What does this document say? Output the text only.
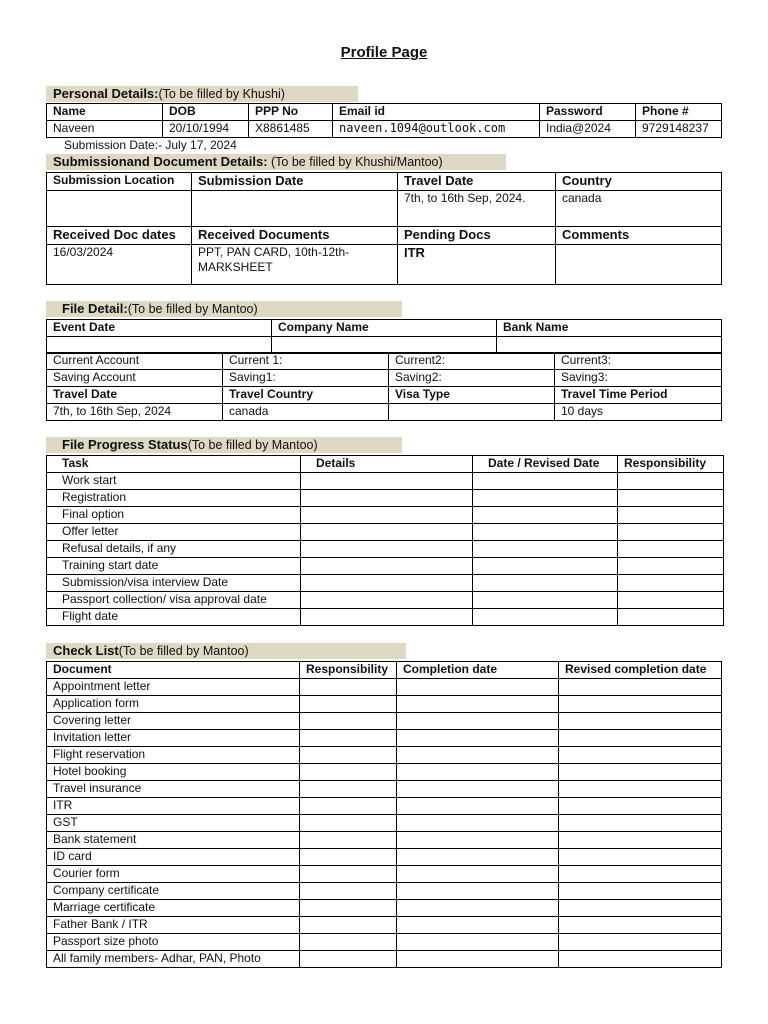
Profile Page
Personal Details:(To be filled by Khushi)
Name	DOB	PPP No	Email id	Password	Phone #
Naveen	20/10/1994	X8861485	naveen.1094@outlook.com	India@2024	9729148237
Submission Date:- July 17, 2024
Submissionand Document Details: (To be filled by Khushi/Mantoo)
Submission Location	Submission Date	Travel Date	Country
		7th, to 16th Sep, 2024.	canada
Received Doc dates	Received Documents	Pending Docs	Comments
16/03/2024	PPT, PAN CARD, 10th-12th-MARKSHEET	ITR	
File Detail:(To be filled by Mantoo)
Event Date	Company Name	Bank Name

Current Account	Current 1:	Current2:	Current3:
Saving Account	Saving1:	Saving2:	Saving3:
Travel Date	Travel Country	Visa Type	Travel Time Period
7th, to 16th Sep, 2024	canada		10 days
File Progress Status(To be filled by Mantoo)
Task	Details	Date / Revised Date	Responsibility
Work start			
Registration			
Final option			
Offer letter			
Refusal details, if any			
Training start date			
Submission/visa interview Date			
Passport collection/ visa approval date			
Flight date			
Check List(To be filled by Mantoo)
Document	Responsibility	Completion date	Revised completion date
Appointment letter			
Application form			
Covering letter			
Invitation letter			
Flight reservation			
Hotel booking			
Travel insurance			
ITR			
GST			
Bank statement			
ID card			
Courier form			
Company certificate			
Marriage certificate			
Father Bank / ITR			
Passport size photo			
All family members- Adhar, PAN, Photo			
